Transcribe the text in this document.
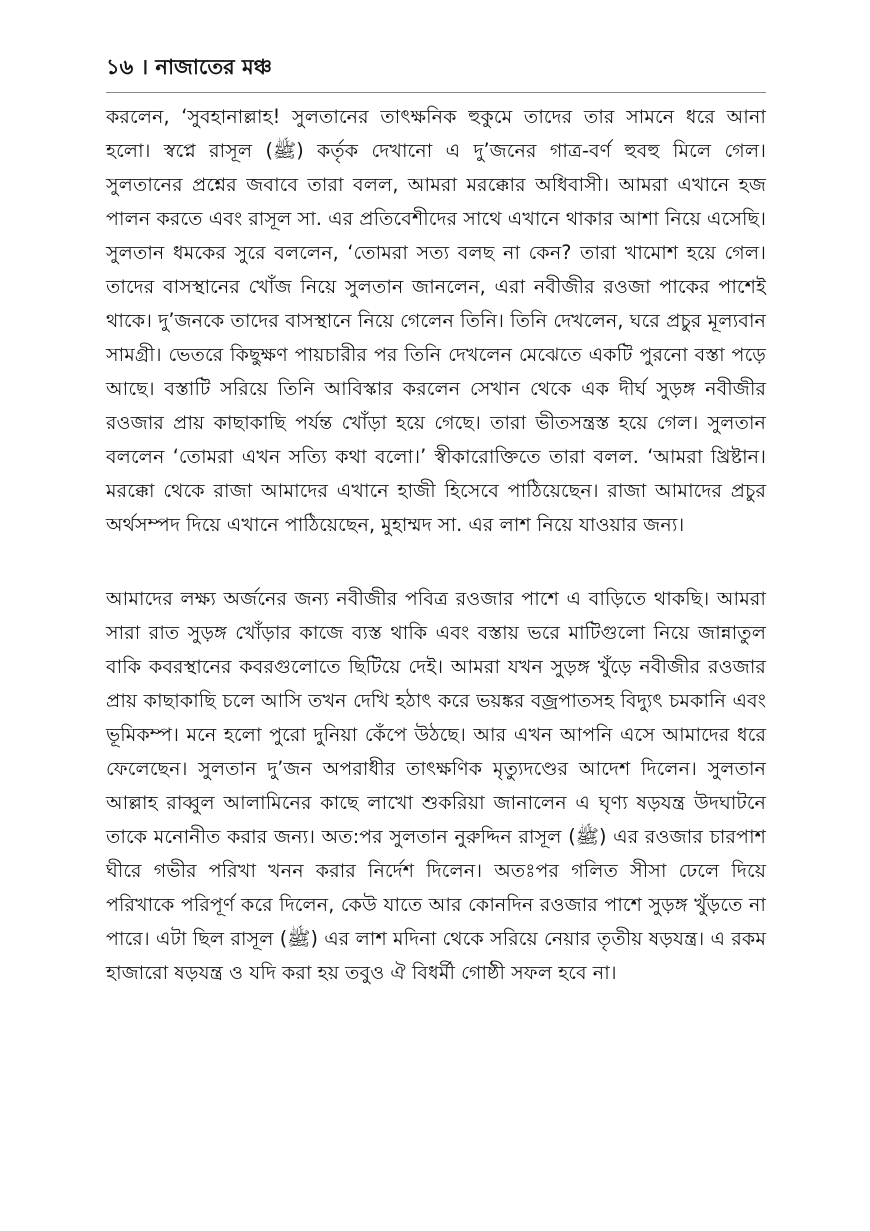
১৬ । নাজাতের মঞ্চ

করলেন, ‘সুবহানাল্লাহ! সুলতানের তাৎক্ষনিক হুকুমে তাদের তার সামনে ধরে আনা হলো। স্বপ্নে রাসূল (ﷺ) কর্তৃক দেখানো এ দু’জনের গাত্র-বর্ণ হুবহু মিলে গেল। সুলতানের প্রশ্নের জবাবে তারা বলল, আমরা মরক্কোর অধিবাসী। আমরা এখানে হজ পালন করতে এবং রাসূল সা. এর প্রতিবেশীদের সাথে এখানে থাকার আশা নিয়ে এসেছি। সুলতান ধমকের সুরে বললেন, ‘তোমরা সত্য বলছ না কেন? তারা খামোশ হয়ে গেল। তাদের বাসস্থানের খোঁজ নিয়ে সুলতান জানলেন, এরা নবীজীর রওজা পাকের পাশেই থাকে। দু’জনকে তাদের বাসস্থানে নিয়ে গেলেন তিনি। তিনি দেখলেন, ঘরে প্রচুর মূল্যবান সামগ্রী। ভেতরে কিছুক্ষণ পায়চারীর পর তিনি দেখলেন মেঝেতে একটি পুরনো বস্তা পড়ে আছে। বস্তাটি সরিয়ে তিনি আবিস্কার করলেন সেখান থেকে এক দীর্ঘ সুড়ঙ্গ নবীজীর রওজার প্রায় কাছাকাছি পর্যন্ত খোঁড়া হয়ে গেছে। তারা ভীতসন্ত্রস্ত হয়ে গেল। সুলতান বললেন ‘তোমরা এখন সত্যি কথা বলো।’ স্বীকারোক্তিতে তারা বলল. ‘আমরা খ্রিষ্টান। মরক্কো থেকে রাজা আমাদের এখানে হাজী হিসেবে পাঠিয়েছেন। রাজা আমাদের প্রচুর অর্থসম্পদ দিয়ে এখানে পাঠিয়েছেন, মুহাম্মদ সা. এর লাশ নিয়ে যাওয়ার জন্য।

আমাদের লক্ষ্য অর্জনের জন্য নবীজীর পবিত্র রওজার পাশে এ বাড়িতে থাকছি। আমরা সারা রাত সুড়ঙ্গ খোঁড়ার কাজে ব্যস্ত থাকি এবং বস্তায় ভরে মাটিগুলো নিয়ে জান্নাতুল বাকি কবরস্থানের কবরগুলোতে ছিটিয়ে দেই। আমরা যখন সুড়ঙ্গ খুঁড়ে নবীজীর রওজার প্রায় কাছাকাছি চলে আসি তখন দেখি হঠাৎ করে ভয়ঙ্কর বজ্রপাতসহ বিদ্যুৎ চমকানি এবং ভূমিকম্প। মনে হলো পুরো দুনিয়া কেঁপে উঠছে। আর এখন আপনি এসে আমাদের ধরে ফেলেছেন। সুলতান দু’জন অপরাধীর তাৎক্ষণিক মৃত্যুদণ্ডের আদেশ দিলেন। সুলতান আল্লাহ রাব্বুল আলামিনের কাছে লাখো শুকরিয়া জানালেন এ ঘৃণ্য ষড়যন্ত্র উদঘাটনে তাকে মনোনীত করার জন্য। অত:পর সুলতান নুরুদ্দিন রাসূল (ﷺ) এর রওজার চারপাশ ঘীরে গভীর পরিখা খনন করার নির্দেশ দিলেন। অতঃপর গলিত সীসা ঢেলে দিয়ে পরিখাকে পরিপূর্ণ করে দিলেন, কেউ যাতে আর কোনদিন রওজার পাশে সুড়ঙ্গ খুঁড়তে না পারে। এটা ছিল রাসূল (ﷺ) এর লাশ মদিনা থেকে সরিয়ে নেয়ার তৃতীয় ষড়যন্ত্র। এ রকম হাজারো ষড়যন্ত্র ও যদি করা হয় তবুও ঐ বিধর্মী গোষ্ঠী সফল হবে না।
